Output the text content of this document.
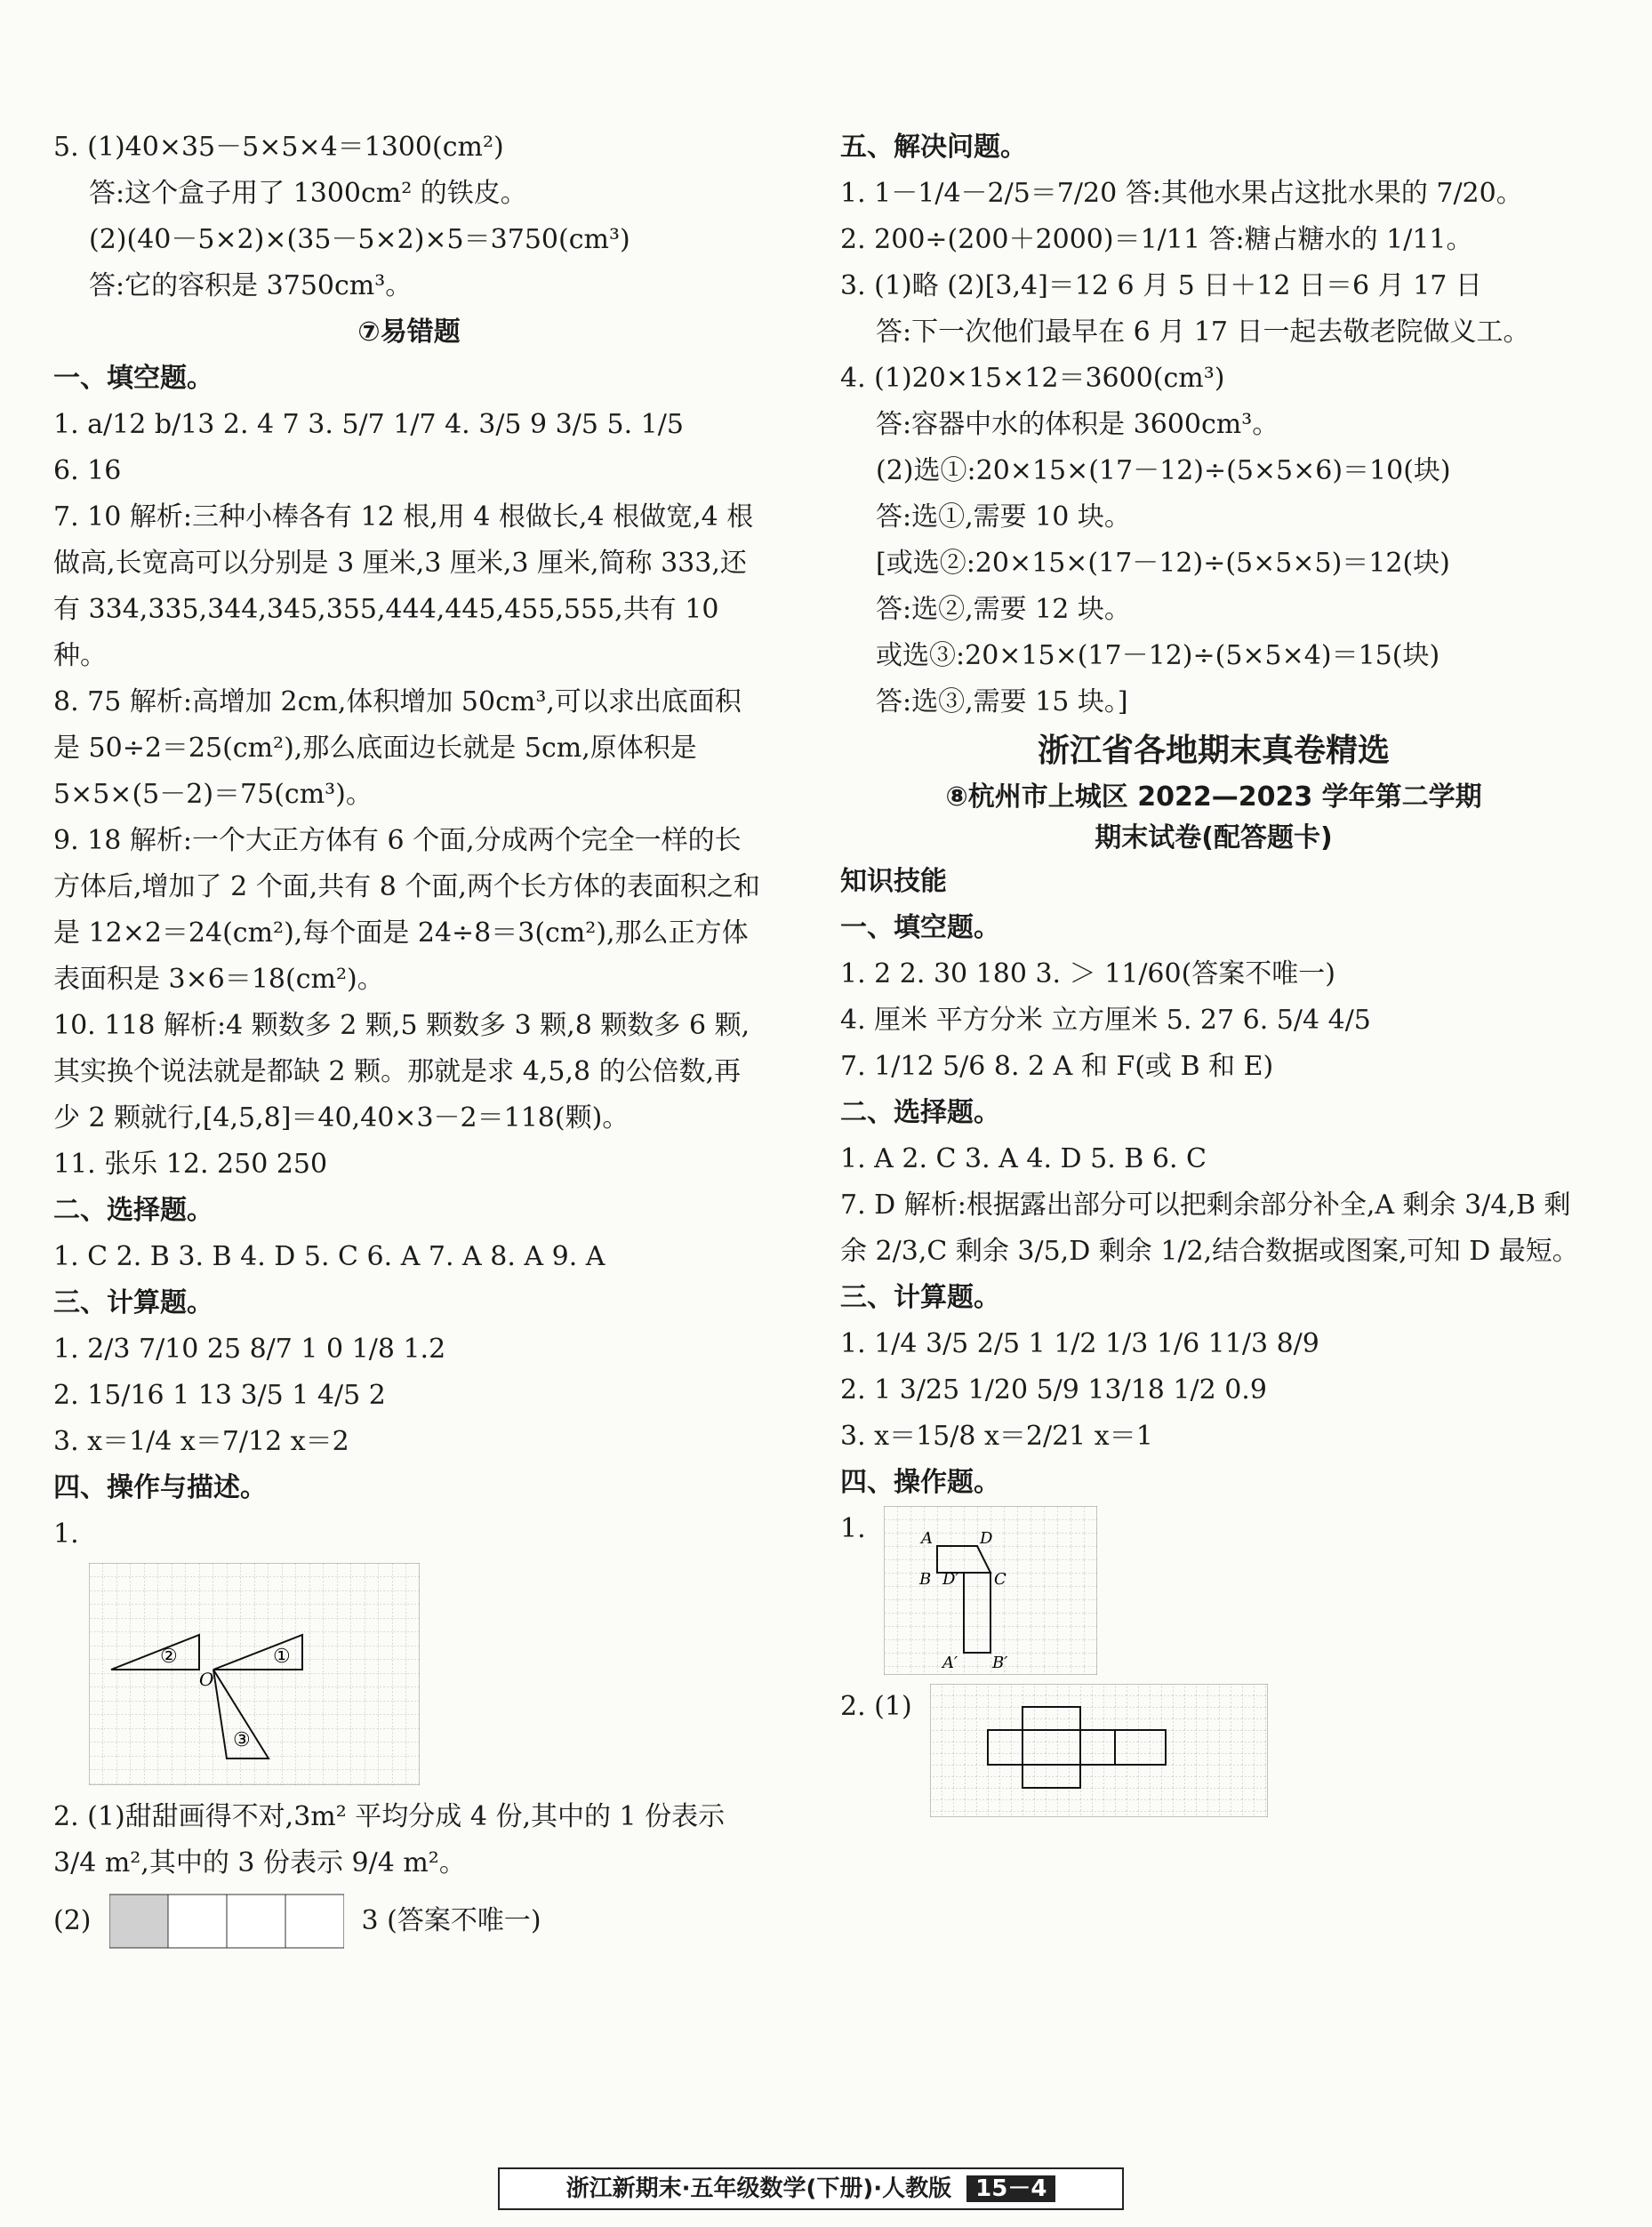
5. (1)40×35－5×5×4＝1300(cm²)
答:这个盒子用了 1300cm² 的铁皮。
(2)(40－5×2)×(35－5×2)×5＝3750(cm³)
答:它的容积是 3750cm³。
⑦易错题
一、填空题。
1. a/12 b/13 2. 4 7 3. 5/7 1/7 4. 3/5 9 3/5 5. 1/5
6. 16
7. 10 解析:三种小棒各有 12 根,用 4 根做长,4 根做宽,4 根做高,长宽高可以分别是 3 厘米,3 厘米,3 厘米,简称 333,还有 334,335,344,345,355,444,445,455,555,共有 10 种。
8. 75 解析:高增加 2cm,体积增加 50cm³,可以求出底面积是 50÷2＝25(cm²),那么底面边长就是 5cm,原体积是 5×5×(5－2)＝75(cm³)。
9. 18 解析:一个大正方体有 6 个面,分成两个完全一样的长方体后,增加了 2 个面,共有 8 个面,两个长方体的表面积之和是 12×2＝24(cm²),每个面是 24÷8＝3(cm²),那么正方体表面积是 3×6＝18(cm²)。
10. 118 解析:4 颗数多 2 颗,5 颗数多 3 颗,8 颗数多 6 颗,其实换个说法就是都缺 2 颗。那就是求 4,5,8 的公倍数,再少 2 颗就行,[4,5,8]＝40,40×3－2＝118(颗)。
11. 张乐 12. 250 250
二、选择题。
1. C 2. B 3. B 4. D 5. C 6. A 7. A 8. A 9. A
三、计算题。
1. 2/3 7/10 25 8/7 1 0 1/8 1.2
2. 15/16 1 13 3/5 1 4/5 2
3. x＝1/4 x＝7/12 x＝2
四、操作与描述。
1.
②	①
③
O
2. (1)甜甜画得不对,3m² 平均分成 4 份,其中的 1 份表示 3/4 m²,其中的 3 份表示 9/4 m²。
(2)	3 (答案不唯一)
五、解决问题。
1. 1－1/4－2/5＝7/20 答:其他水果占这批水果的 7/20。
2. 200÷(200＋2000)＝1/11 答:糖占糖水的 1/11。
3. (1)略 (2)[3,4]＝12 6 月 5 日＋12 日＝6 月 17 日
答:下一次他们最早在 6 月 17 日一起去敬老院做义工。
4. (1)20×15×12＝3600(cm³)
答:容器中水的体积是 3600cm³。
(2)选①:20×15×(17－12)÷(5×5×6)＝10(块)
答:选①,需要 10 块。
[或选②:20×15×(17－12)÷(5×5×5)＝12(块)
答:选②,需要 12 块。
或选③:20×15×(17－12)÷(5×5×4)＝15(块)
答:选③,需要 15 块。]
浙江省各地期末真卷精选
⑧杭州市上城区 2022—2023 学年第二学期
期末试卷(配答题卡)
知识技能
一、填空题。
1. 2 2. 30 180 3. ＞ 11/60(答案不唯一)
4. 厘米 平方分米 立方厘米 5. 27 6. 5/4 4/5
7. 1/12 5/6 8. 2 A 和 F(或 B 和 E)
二、选择题。
1. A 2. C 3. A 4. D 5. B 6. C
7. D 解析:根据露出部分可以把剩余部分补全,A 剩余 3/4,B 剩余 2/3,C 剩余 3/5,D 剩余 1/2,结合数据或图案,可知 D 最短。
三、计算题。
1. 1/4 3/5 2/5 1 1/2 1/3 1/6 11/3 8/9
2. 1 3/25 1/20 5/9 13/18 1/2 0.9
3. x＝15/8 x＝2/21 x＝1
四、操作题。
1.	A	D
B D′ C
A′ B′
2. (1)
浙江新期末·五年级数学(下册)·人教版 15－4
